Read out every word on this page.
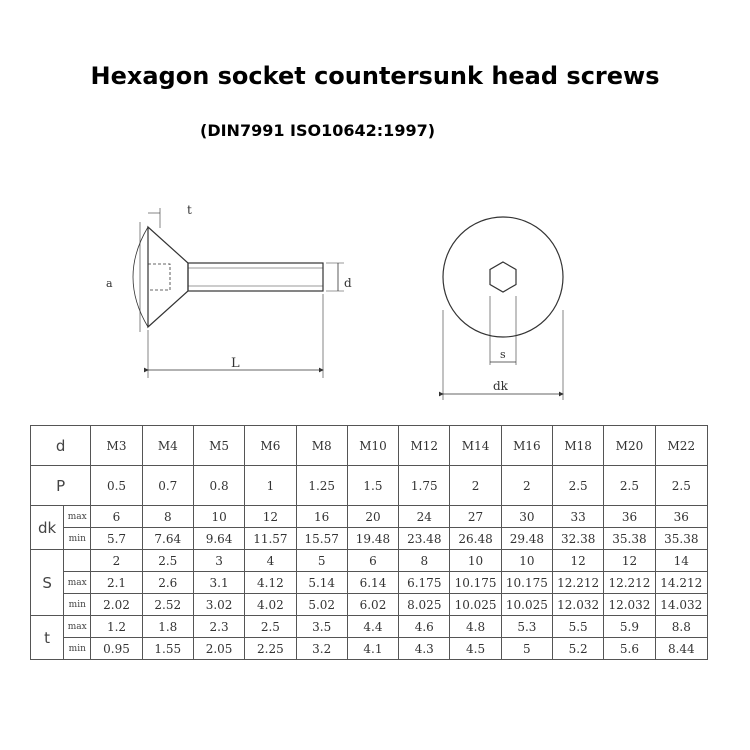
Hexagon socket countersunk head screws
(DIN7991 ISO10642:1997)
t
a	d
L
s
dk
d		M3	M4	M5	M6	M8	M10	M12	M14	M16	M18	M20	M22
P		0.5	0.7	0.8	1	1.25	1.5	1.75	2	2	2.5	2.5	2.5
dk	max	6	8	10	12	16	20	24	27	30	33	36	36
	min	5.7	7.64	9.64	11.57	15.57	19.48	23.48	26.48	29.48	32.38	35.38	35.38
S		2	2.5	3	4	5	6	8	10	10	12	12	14
	max	2.1	2.6	3.1	4.12	5.14	6.14	6.175	10.175	10.175	12.212	12.212	14.212
	min	2.02	2.52	3.02	4.02	5.02	6.02	8.025	10.025	10.025	12.032	12.032	14.032
t	max	1.2	1.8	2.3	2.5	3.5	4.4	4.6	4.8	5.3	5.5	5.9	8.8
	min	0.95	1.55	2.05	2.25	3.2	4.1	4.3	4.5	5	5.2	5.6	8.44
